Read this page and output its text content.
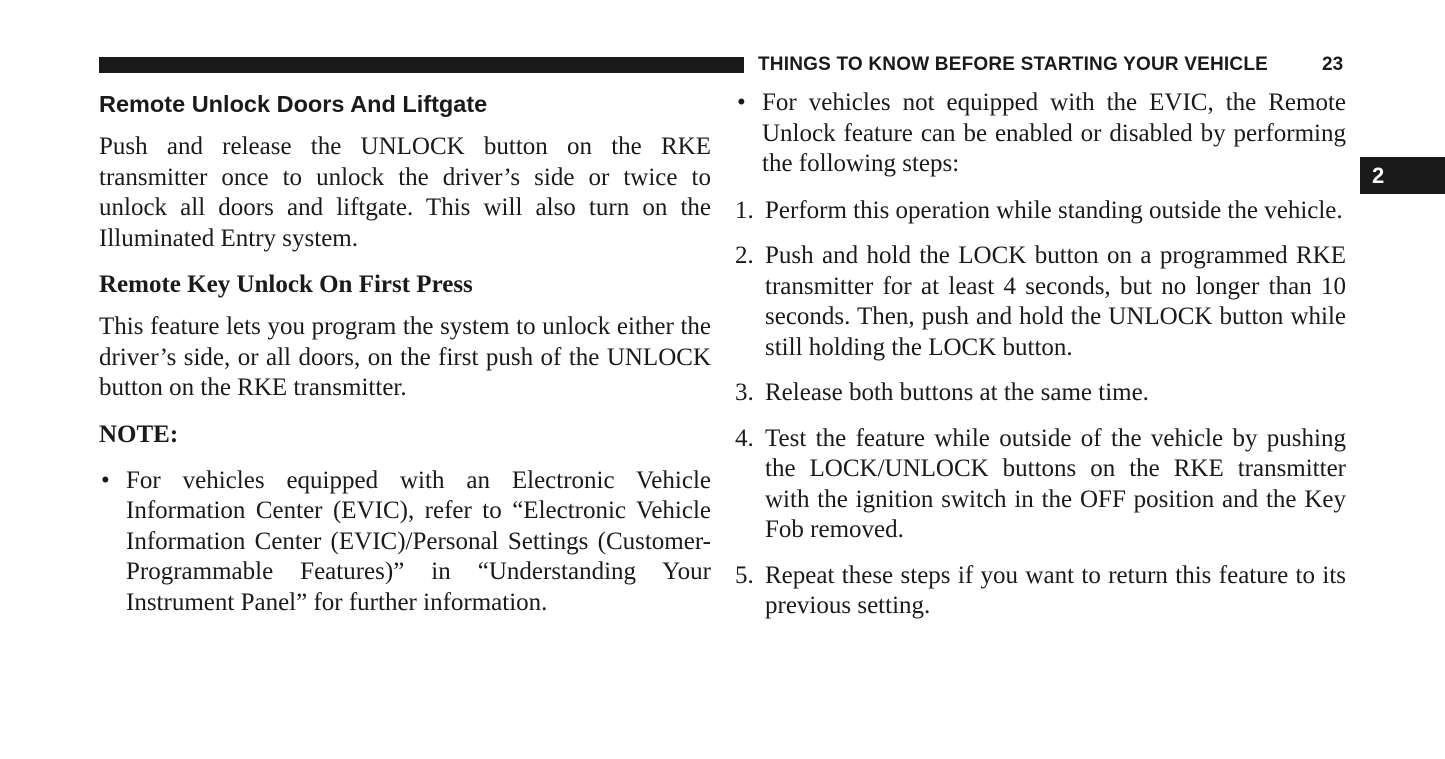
THINGS TO KNOW BEFORE STARTING YOUR VEHICLE	23
2
Remote Unlock Doors And Liftgate

Push and release the UNLOCK button on the RKE transmitter once to unlock the driver’s side or twice to unlock all doors and liftgate. This will also turn on the Illuminated Entry system.

Remote Key Unlock On First Press

This feature lets you program the system to unlock either the driver’s side, or all doors, on the first push of the UNLOCK button on the RKE transmitter.

NOTE:
• For vehicles equipped with an Electronic Vehicle Information Center (EVIC), refer to “Electronic Vehicle Information Center (EVIC)/Personal Settings (Customer-Programmable Features)” in “Understanding Your Instrument Panel” for further information.
• For vehicles not equipped with the EVIC, the Remote Unlock feature can be enabled or disabled by performing the following steps:
1. Perform this operation while standing outside the vehicle.
2. Push and hold the LOCK button on a programmed RKE transmitter for at least 4 seconds, but no longer than 10 seconds. Then, push and hold the UNLOCK button while still holding the LOCK button.
3. Release both buttons at the same time.
4. Test the feature while outside of the vehicle by pushing the LOCK/UNLOCK buttons on the RKE transmitter with the ignition switch in the OFF position and the Key Fob removed.
5. Repeat these steps if you want to return this feature to its previous setting.
